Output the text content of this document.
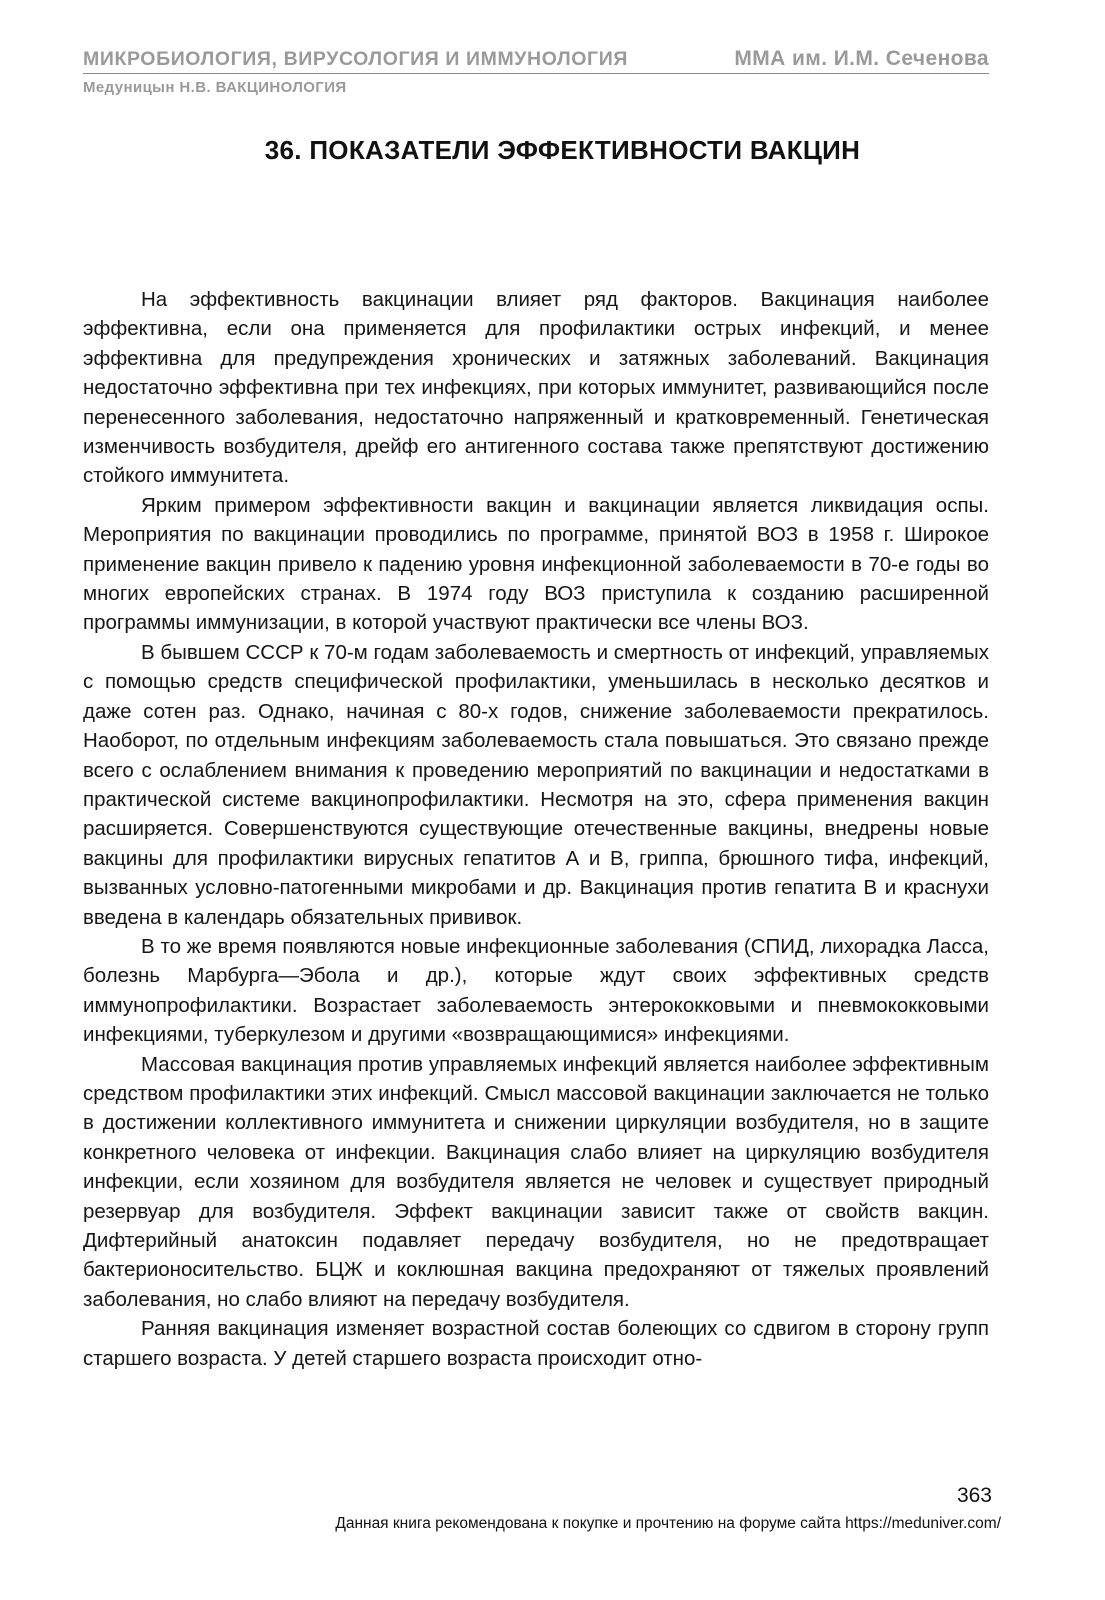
МИКРОБИОЛОГИЯ, ВИРУСОЛОГИЯ И ИММУНОЛОГИЯ	ММА им. И.М. Сеченова
Медуницын Н.В. ВАКЦИНОЛОГИЯ
36. ПОКАЗАТЕЛИ ЭФФЕКТИВНОСТИ ВАКЦИН

На эффективность вакцинации влияет ряд факторов. Вакцинация наиболее эффективна, если она применяется для профилактики острых инфекций, и менее эффективна для предупреждения хронических и затяжных заболеваний. Вакцинация недостаточно эффективна при тех инфекциях, при которых иммунитет, развивающийся после перенесенного заболевания, недостаточно напряженный и кратковременный. Генетическая изменчивость возбудителя, дрейф его антигенного состава также препятствуют достижению стойкого иммунитета.

Ярким примером эффективности вакцин и вакцинации является ликвидация оспы. Мероприятия по вакцинации проводились по программе, принятой ВОЗ в 1958 г. Широкое применение вакцин привело к падению уровня инфекционной заболеваемости в 70-е годы во многих европейских странах. В 1974 году ВОЗ приступила к созданию расширенной программы иммунизации, в которой участвуют практически все члены ВОЗ.

В бывшем СССР к 70-м годам заболеваемость и смертность от инфекций, управляемых с помощью средств специфической профилактики, уменьшилась в несколько десятков и даже сотен раз. Однако, начиная с 80-х годов, снижение заболеваемости прекратилось. Наоборот, по отдельным инфекциям заболеваемость стала повышаться. Это связано прежде всего с ослаблением внимания к проведению мероприятий по вакцинации и недостатками в практической системе вакцинопрофилактики. Несмотря на это, сфера применения вакцин расширяется. Совершенствуются существующие отечественные вакцины, внедрены новые вакцины для профилактики вирусных гепатитов А и В, гриппа, брюшного тифа, инфекций, вызванных условно-патогенными микробами и др. Вакцинация против гепатита В и краснухи введена в календарь обязательных прививок.

В то же время появляются новые инфекционные заболевания (СПИД, лихорадка Ласса, болезнь Марбурга—Эбола и др.), которые ждут своих эффективных средств иммунопрофилактики. Возрастает заболеваемость энтерококковыми и пневмококковыми инфекциями, туберкулезом и другими «возвращающимися» инфекциями.

Массовая вакцинация против управляемых инфекций является наиболее эффективным средством профилактики этих инфекций. Смысл массовой вакцинации заключается не только в достижении коллективного иммунитета и снижении циркуляции возбудителя, но в защите конкретного человека от инфекции. Вакцинация слабо влияет на циркуляцию возбудителя инфекции, если хозяином для возбудителя является не человек и существует природный резервуар для возбудителя. Эффект вакцинации зависит также от свойств вакцин. Дифтерийный анатоксин подавляет передачу возбудителя, но не предотвращает бактерионосительство. БЦЖ и коклюшная вакцина предохраняют от тяжелых проявлений заболевания, но слабо влияют на передачу возбудителя.

Ранняя вакцинация изменяет возрастной состав болеющих со сдвигом в сторону групп старшего возраста. У детей старшего возраста происходит отно-

363
Данная книга рекомендована к покупке и прочтению на форуме сайта https://meduniver.com/
